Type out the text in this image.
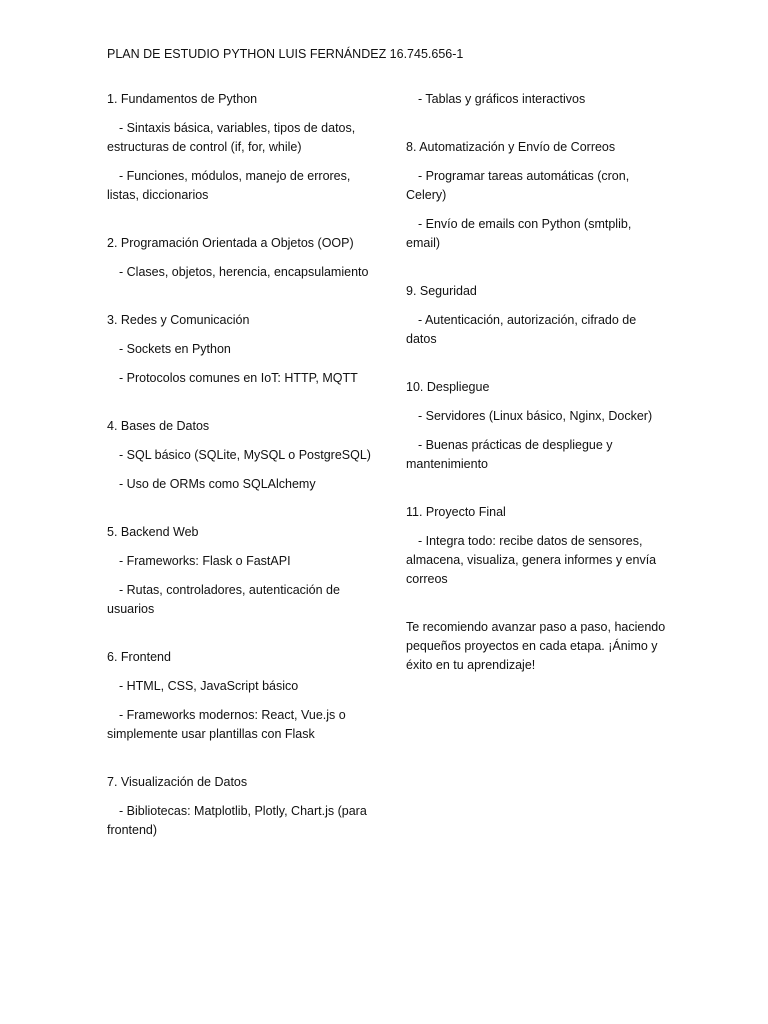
PLAN DE ESTUDIO PYTHON LUIS FERNÁNDEZ 16.745.656-1

1. Fundamentos de Python

- Sintaxis básica, variables, tipos de datos, estructuras de control (if, for, while)

- Funciones, módulos, manejo de errores, listas, diccionarios

2. Programación Orientada a Objetos (OOP)

- Clases, objetos, herencia, encapsulamiento

3. Redes y Comunicación

- Sockets en Python

- Protocolos comunes en IoT: HTTP, MQTT

4. Bases de Datos

- SQL básico (SQLite, MySQL o PostgreSQL)

- Uso de ORMs como SQLAlchemy

5. Backend Web

- Frameworks: Flask o FastAPI

- Rutas, controladores, autenticación de usuarios

6. Frontend

- HTML, CSS, JavaScript básico

- Frameworks modernos: React, Vue.js o simplemente usar plantillas con Flask

7. Visualización de Datos

- Bibliotecas: Matplotlib, Plotly, Chart.js (para frontend)

- Tablas y gráficos interactivos

8. Automatización y Envío de Correos

- Programar tareas automáticas (cron, Celery)

- Envío de emails con Python (smtplib, email)

9. Seguridad

- Autenticación, autorización, cifrado de datos

10. Despliegue

- Servidores (Linux básico, Nginx, Docker)

- Buenas prácticas de despliegue y mantenimiento

11. Proyecto Final

- Integra todo: recibe datos de sensores, almacena, visualiza, genera informes y envía correos

Te recomiendo avanzar paso a paso, haciendo pequeños proyectos en cada etapa. ¡Ánimo y éxito en tu aprendizaje!
